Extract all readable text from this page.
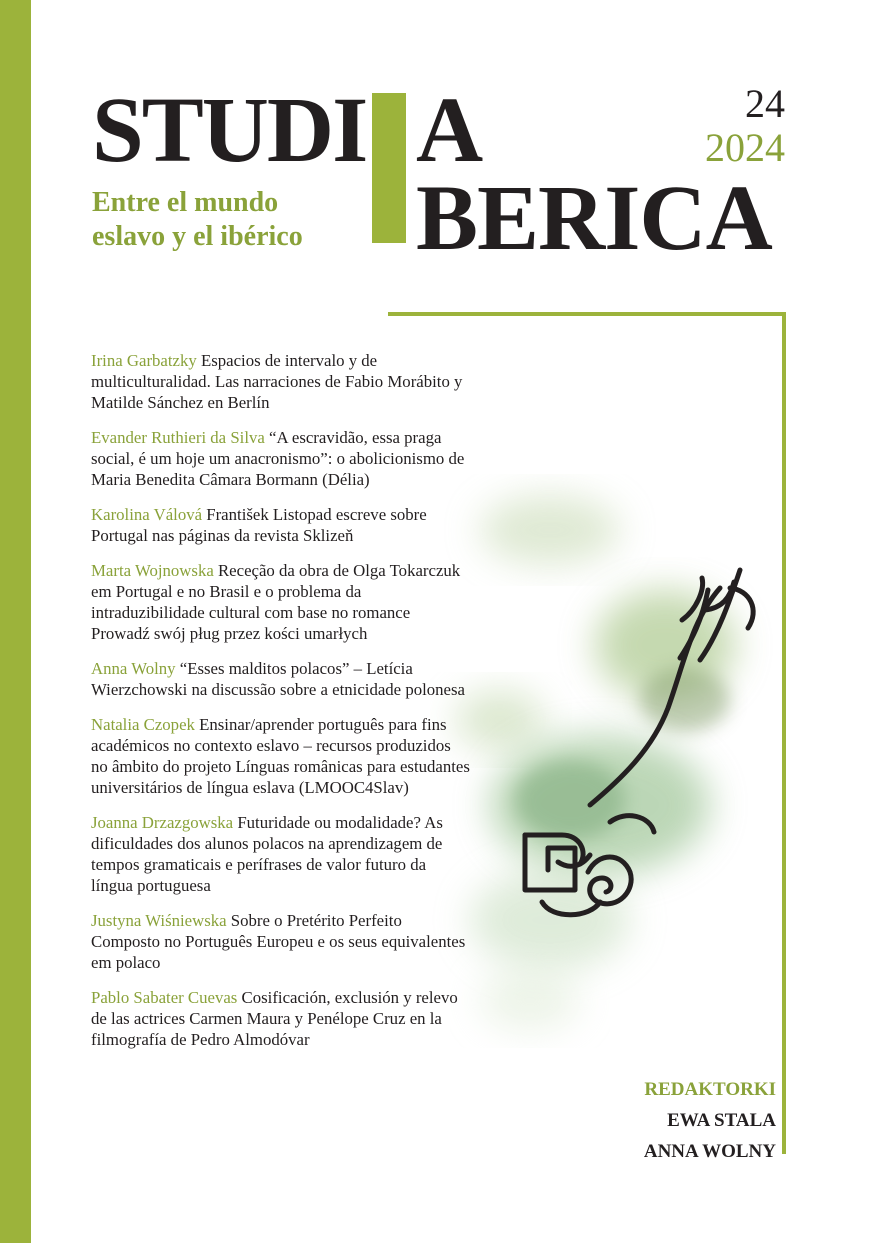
STUDI A
BERICA
24
2024
Entre el mundo
eslavo y el ibérico
Irina Garbatzky Espacios de intervalo y de multiculturalidad. Las narraciones de Fabio Morábito y Matilde Sánchez en Berlín
Evander Ruthieri da Silva “A escravidão, essa praga social, é um hoje um anacronismo”: o abolicionismo de Maria Benedita Câmara Bormann (Délia)
Karolina Válová František Listopad escreve sobre Portugal nas páginas da revista Sklizeň
Marta Wojnowska Receção da obra de Olga Tokarczuk em Portugal e no Brasil e o problema da intraduzibilidade cultural com base no romance Prowadź swój pług przez kości umarłych
Anna Wolny “Esses malditos polacos” – Letícia Wierzchowski na discussão sobre a etnicidade polonesa
Natalia Czopek Ensinar/aprender português para fins académicos no contexto eslavo – recursos produzidos no âmbito do projeto Línguas românicas para estudantes universitários de língua eslava (LMOOC4Slav)
Joanna Drzazgowska Futuridade ou modalidade? As dificuldades dos alunos polacos na aprendizagem de tempos gramaticais e perífrases de valor futuro da língua portuguesa
Justyna Wiśniewska Sobre o Pretérito Perfeito Composto no Português Europeu e os seus equivalentes em polaco
Pablo Sabater Cuevas Cosificación, exclusión y relevo de las actrices Carmen Maura y Penélope Cruz en la filmografía de Pedro Almodóvar
REDAKTORKI
EWA STALA
ANNA WOLNY
